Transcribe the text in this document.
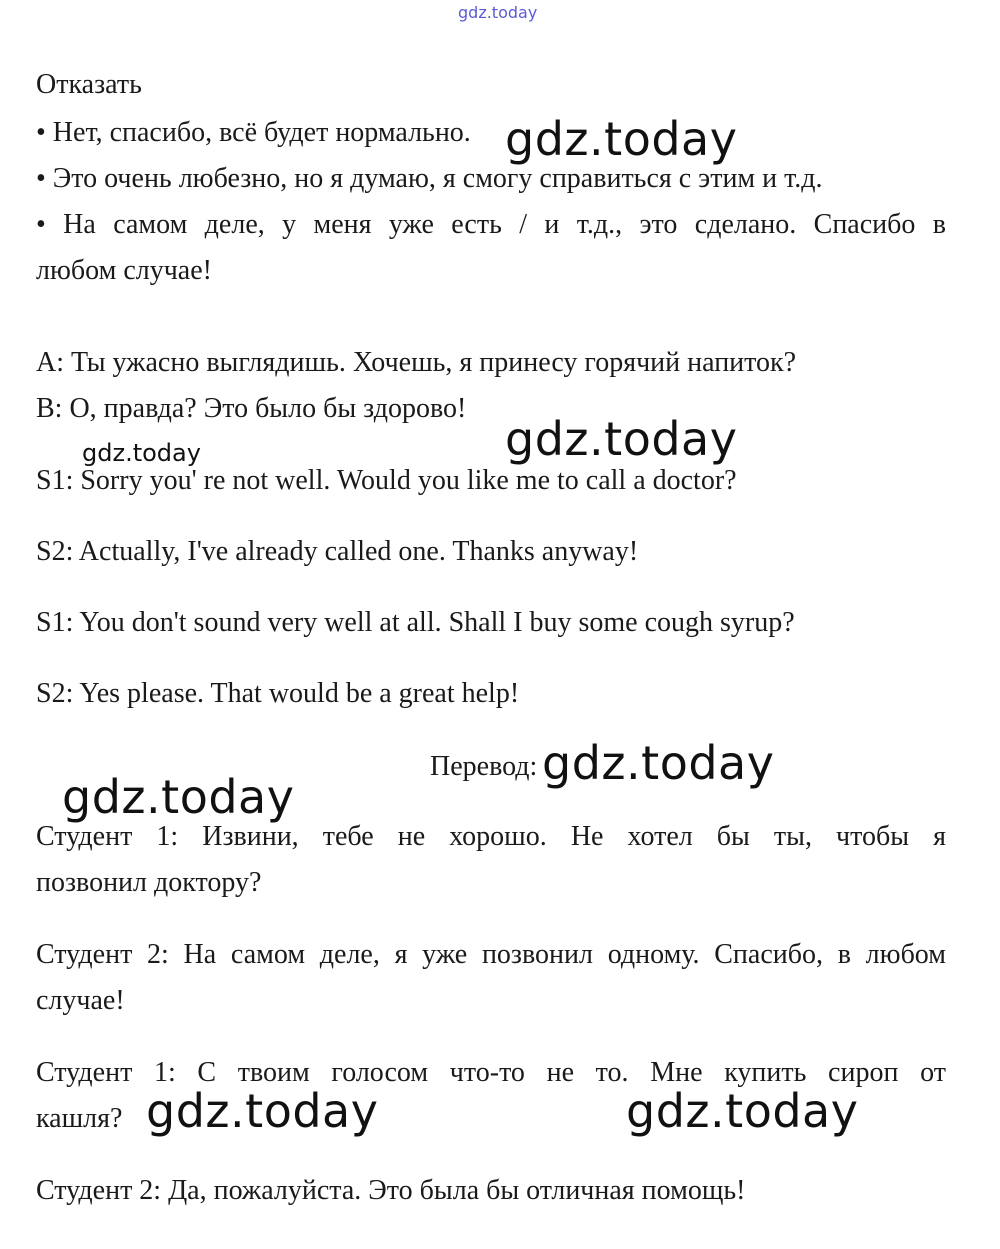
gdz.today
Отказать
• Нет, спасибо, всё будет нормально.
• Это очень любезно, но я думаю, я смогу справиться с этим и т.д.
• На самом деле, у меня уже есть / и т.д., это сделано. Спасибо в
любом случае!
А: Ты ужасно выглядишь. Хочешь, я принесу горячий напиток?
В: О, правда? Это было бы здорово!
S1: Sorry you' re not well. Would you like me to call a doctor?
S2: Actually, I've already called one. Thanks anyway!
S1: You don't sound very well at all. Shall I buy some cough syrup?
S2: Yes please. That would be a great help!
Перевод:
Студент 1: Извини, тебе не хорошо. Не хотел бы ты, чтобы я
позвонил доктору?
Студент 2: На самом деле, я уже позвонил одному. Спасибо, в любом
случае!
Студент 1: С твоим голосом что-то не то. Мне купить сироп от
кашля?
Студент 2: Да, пожалуйста. Это была бы отличная помощь!
gdz.today
gdz.today
gdz.today
gdz.today
gdz.today
gdz.today	gdz.today
